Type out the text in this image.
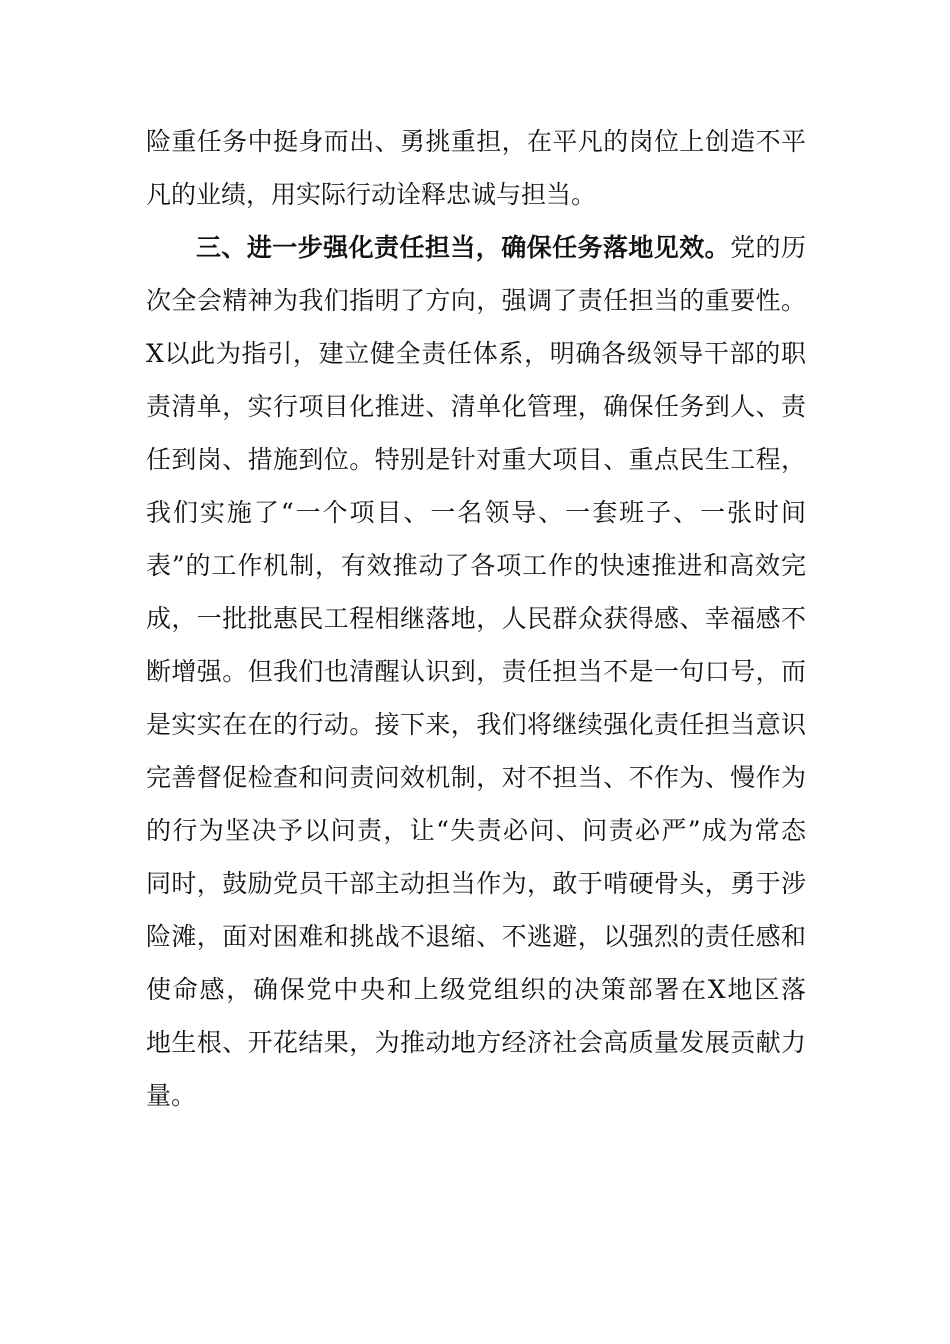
险重任务中挺身而出、勇挑重担，在平凡的岗位上创造不平
凡的业绩，用实际行动诠释忠诚与担当。
三、进一步强化责任担当，确保任务落地见效。党的历
次全会精神为我们指明了方向，强调了责任担当的重要性。
X以此为指引，建立健全责任体系，明确各级领导干部的职
责清单，实行项目化推进、清单化管理，确保任务到人、责
任到岗、措施到位。特别是针对重大项目、重点民生工程，
我们实施了“一个项目、一名领导、一套班子、一张时间
表”的工作机制，有效推动了各项工作的快速推进和高效完
成，一批批惠民工程相继落地，人民群众获得感、幸福感不
断增强。但我们也清醒认识到，责任担当不是一句口号，而
是实实在在的行动。接下来，我们将继续强化责任担当意识
完善督促检查和问责问效机制，对不担当、不作为、慢作为
的行为坚决予以问责，让“失责必问、问责必严”成为常态
同时，鼓励党员干部主动担当作为，敢于啃硬骨头，勇于涉
险滩，面对困难和挑战不退缩、不逃避，以强烈的责任感和
使命感，确保党中央和上级党组织的决策部署在X地区落
地生根、开花结果，为推动地方经济社会高质量发展贡献力
量。
